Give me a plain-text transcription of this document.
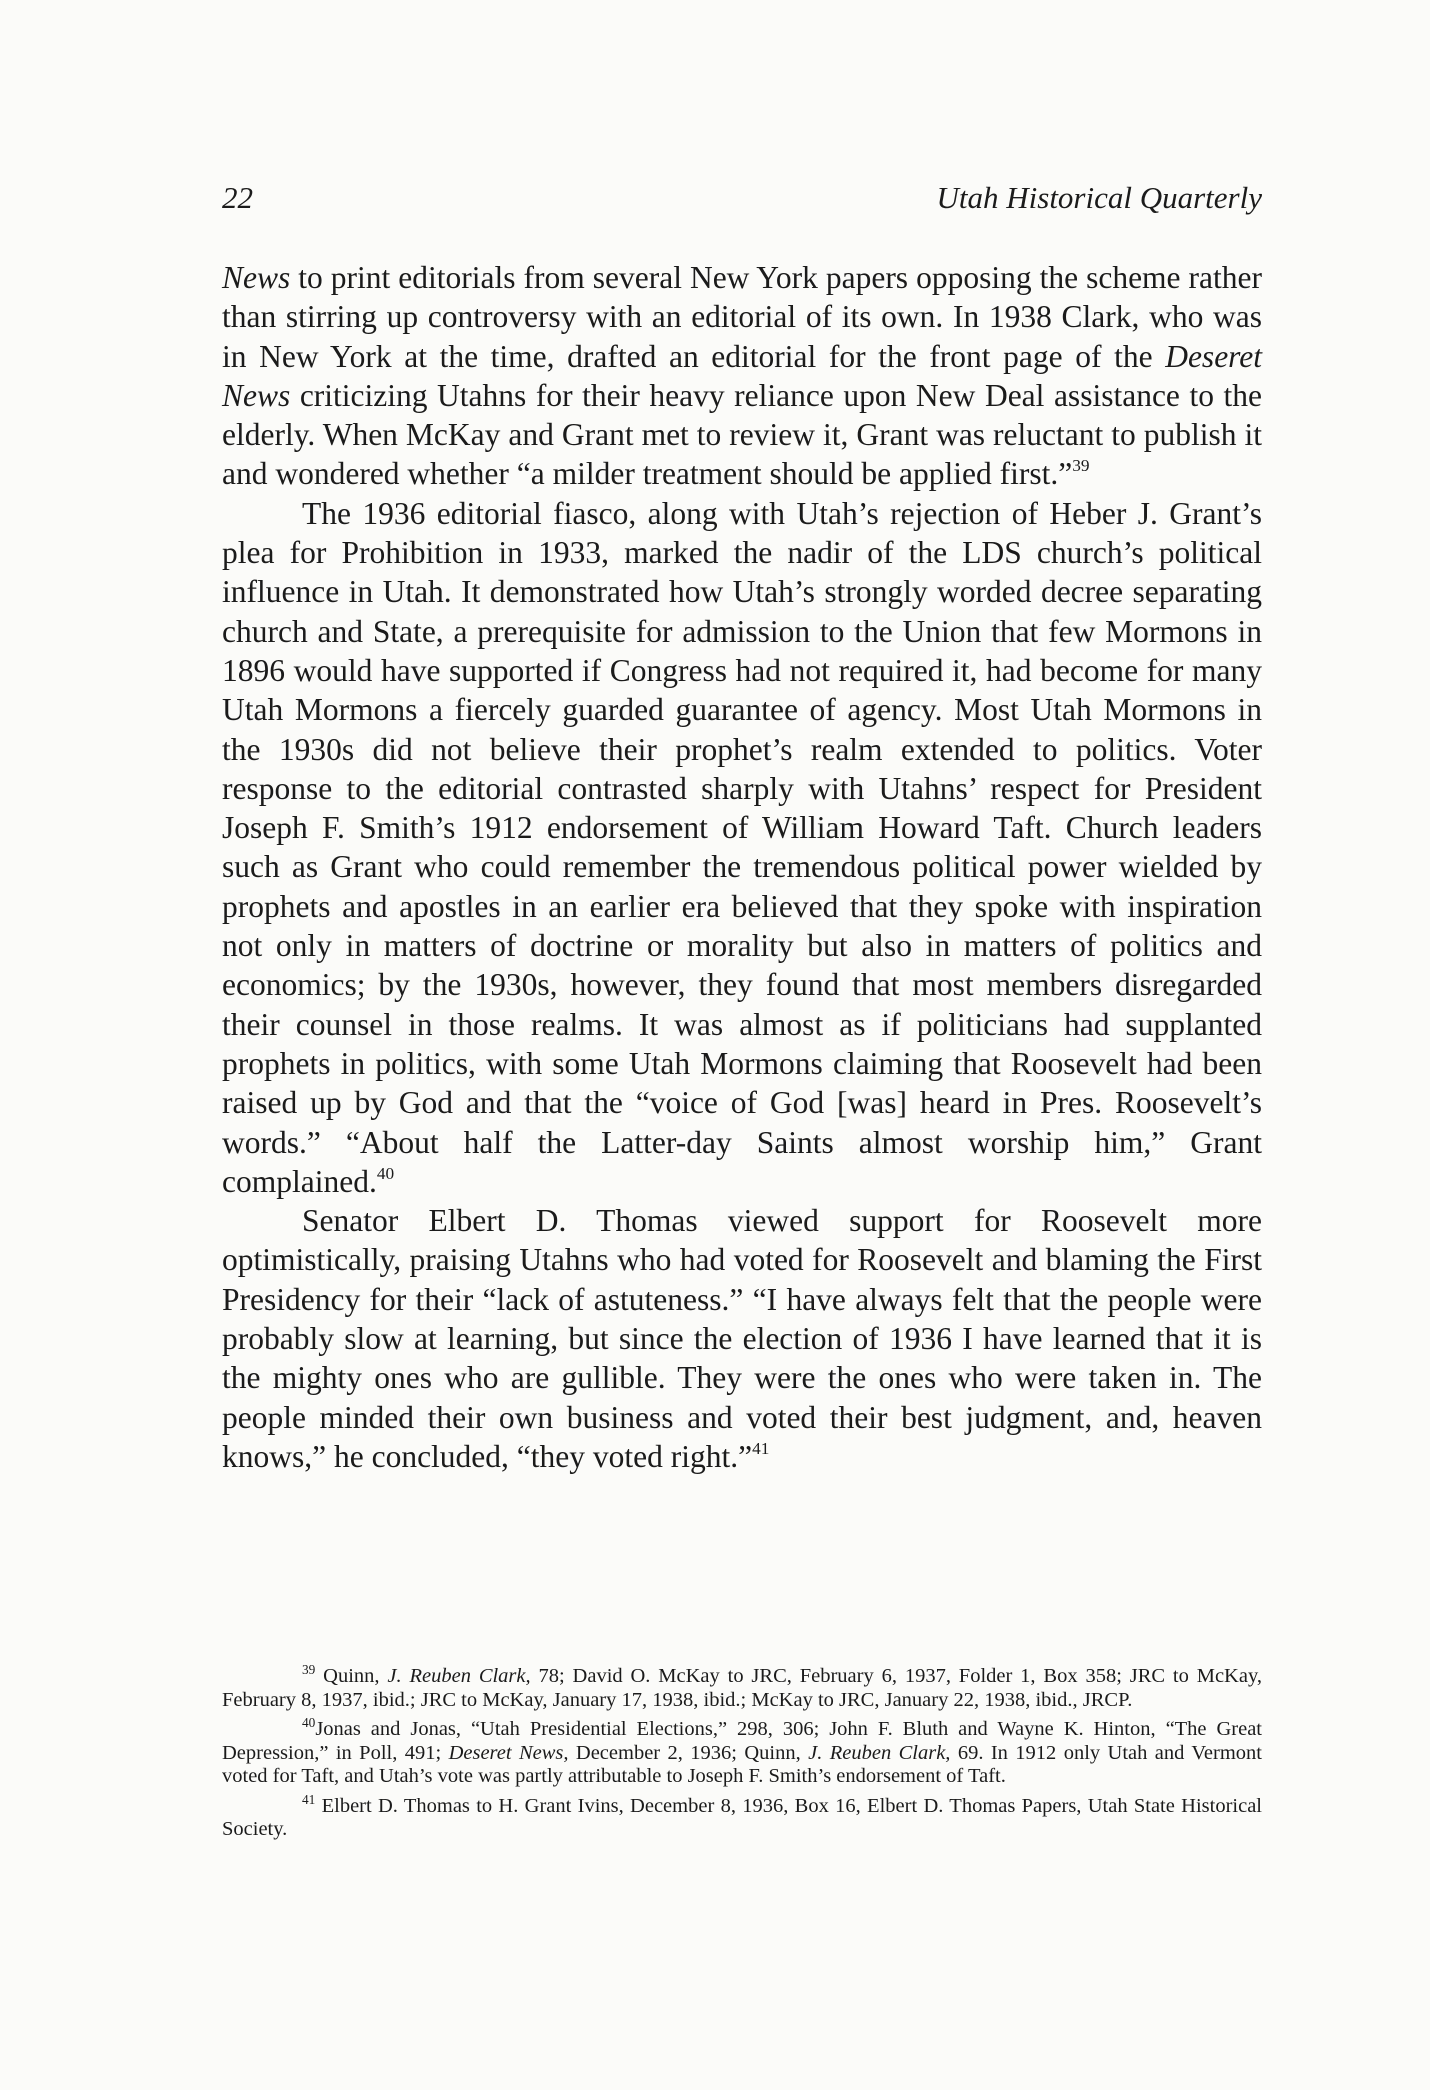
22	Utah Historical Quarterly

News to print editorials from several New York papers opposing the scheme rather than stirring up controversy with an editorial of its own. In 1938 Clark, who was in New York at the time, drafted an editorial for the front page of the Deseret News criticizing Utahns for their heavy reliance upon New Deal assistance to the elderly. When McKay and Grant met to review it, Grant was reluctant to publish it and wondered whether “a milder treatment should be applied first.”$^{39}$

The 1936 editorial fiasco, along with Utah’s rejection of Heber J. Grant’s plea for Prohibition in 1933, marked the nadir of the LDS church’s political influence in Utah. It demonstrated how Utah’s strongly worded decree separating church and State, a prerequisite for admission to the Union that few Mormons in 1896 would have supported if Congress had not required it, had become for many Utah Mormons a fiercely guarded guarantee of agency. Most Utah Mormons in the 1930s did not believe their prophet’s realm extended to politics. Voter response to the editorial contrasted sharply with Utahns’ respect for President Joseph F. Smith’s 1912 endorsement of William Howard Taft. Church leaders such as Grant who could remember the tremendous political power wielded by prophets and apostles in an earlier era believed that they spoke with inspiration not only in matters of doctrine or morality but also in matters of politics and economics; by the 1930s, however, they found that most members disregarded their counsel in those realms. It was almost as if politicians had supplanted prophets in politics, with some Utah Mormons claiming that Roosevelt had been raised up by God and that the “voice of God [was] heard in Pres. Roosevelt’s words.” “About half the Latter-day Saints almost worship him,” Grant complained.$^{40}$

Senator Elbert D. Thomas viewed support for Roosevelt more optimistically, praising Utahns who had voted for Roosevelt and blaming the First Presidency for their “lack of astuteness.” “I have always felt that the people were probably slow at learning, but since the election of 1936 I have learned that it is the mighty ones who are gullible. They were the ones who were taken in. The people minded their own business and voted their best judgment, and, heaven knows,” he concluded, “they voted right.”$^{41}$

$^{39}$ Quinn, J. Reuben Clark, 78; David O. McKay to JRC, February 6, 1937, Folder 1, Box 358; JRC to McKay, February 8, 1937, ibid.; JRC to McKay, January 17, 1938, ibid.; McKay to JRC, January 22, 1938, ibid., JRCP.

$^{40}$Jonas and Jonas, “Utah Presidential Elections,” 298, 306; John F. Bluth and Wayne K. Hinton, “The Great Depression,” in Poll, 491; Deseret News, December 2, 1936; Quinn, J. Reuben Clark, 69. In 1912 only Utah and Vermont voted for Taft, and Utah’s vote was partly attributable to Joseph F. Smith’s endorsement of Taft.

$^{41}$ Elbert D. Thomas to H. Grant Ivins, December 8, 1936, Box 16, Elbert D. Thomas Papers, Utah State Historical Society.
